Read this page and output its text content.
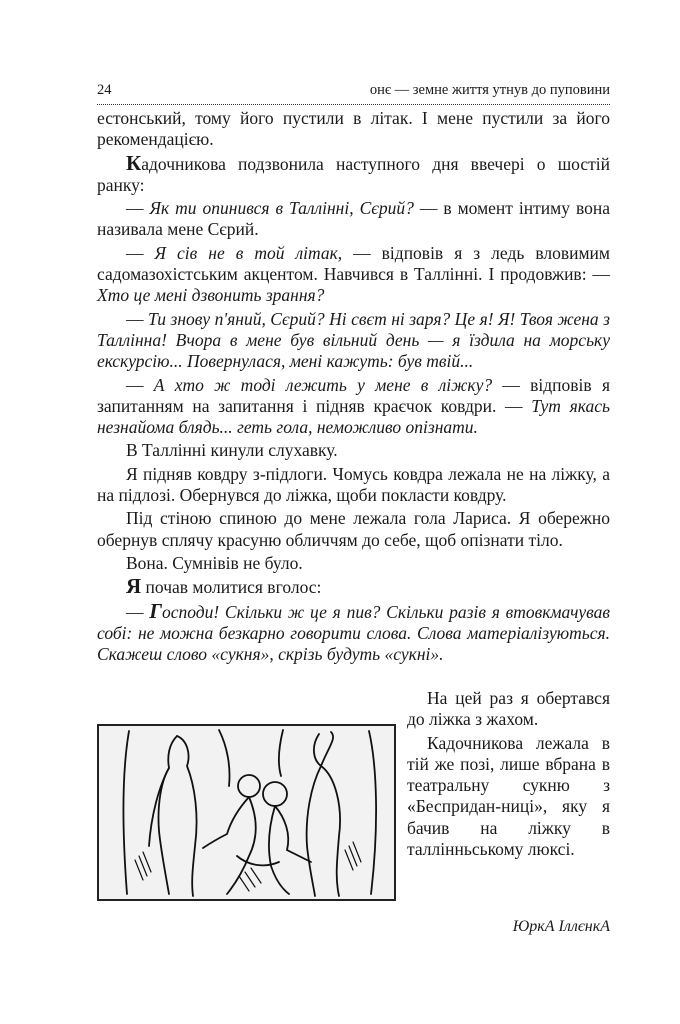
24	онє — земне життя утнув до пуповини

естонський, тому його пустили в літак. І мене пустили за його рекомендацією.

Кадочникова подзвонила наступного дня ввечері о шостій ранку:

— Як ти опинився в Таллінні, Сєрий? — в момент інтиму вона називала мене Сєрий.

— Я сів не в той літак, — відповів я з ледь вловимим садомазохістським акцентом. Навчився в Таллінні. І продовжив: — Хто це мені дзвонить зрання?

— Ти знову п'яний, Сєрий? Ні свєт ні заря? Це я! Я! Твоя жена з Таллінна! Вчора в мене був вільний день — я їздила на морську екскурсію... Повернулася, мені кажуть: був твій...

— А хто ж тоді лежить у мене в ліжку? — відповів я запитанням на запитання і підняв краєчок ковдри. — Тут якась незнайома блядь... геть гола, неможливо опізнати.

В Таллінні кинули слухавку.

Я підняв ковдру з-підлоги. Чомусь ковдра лежала не на ліжку, а на підлозі. Обернувся до ліжка, щоби покласти ковдру.

Під стіною спиною до мене лежала гола Лариса. Я обережно обернув сплячу красуню обличчям до себе, щоб опізнати тіло.

Вона. Сумнівів не було.

Я почав молитися вголос:

— Господи! Скільки ж це я пив? Скільки разів я втовкмачував собі: не можна безкарно говорити слова. Слова матеріалізуються. Скажеш слово «сукня», скрізь будуть «сукні».

На цей раз я обертався до ліжка з жахом.

Кадочникова лежала в тій же позі, лише вбрана в театральну сукню з «Беспридан-ниці», яку я бачив на ліжку в таллінньському люксі.

ЮркА ІллєнкА
